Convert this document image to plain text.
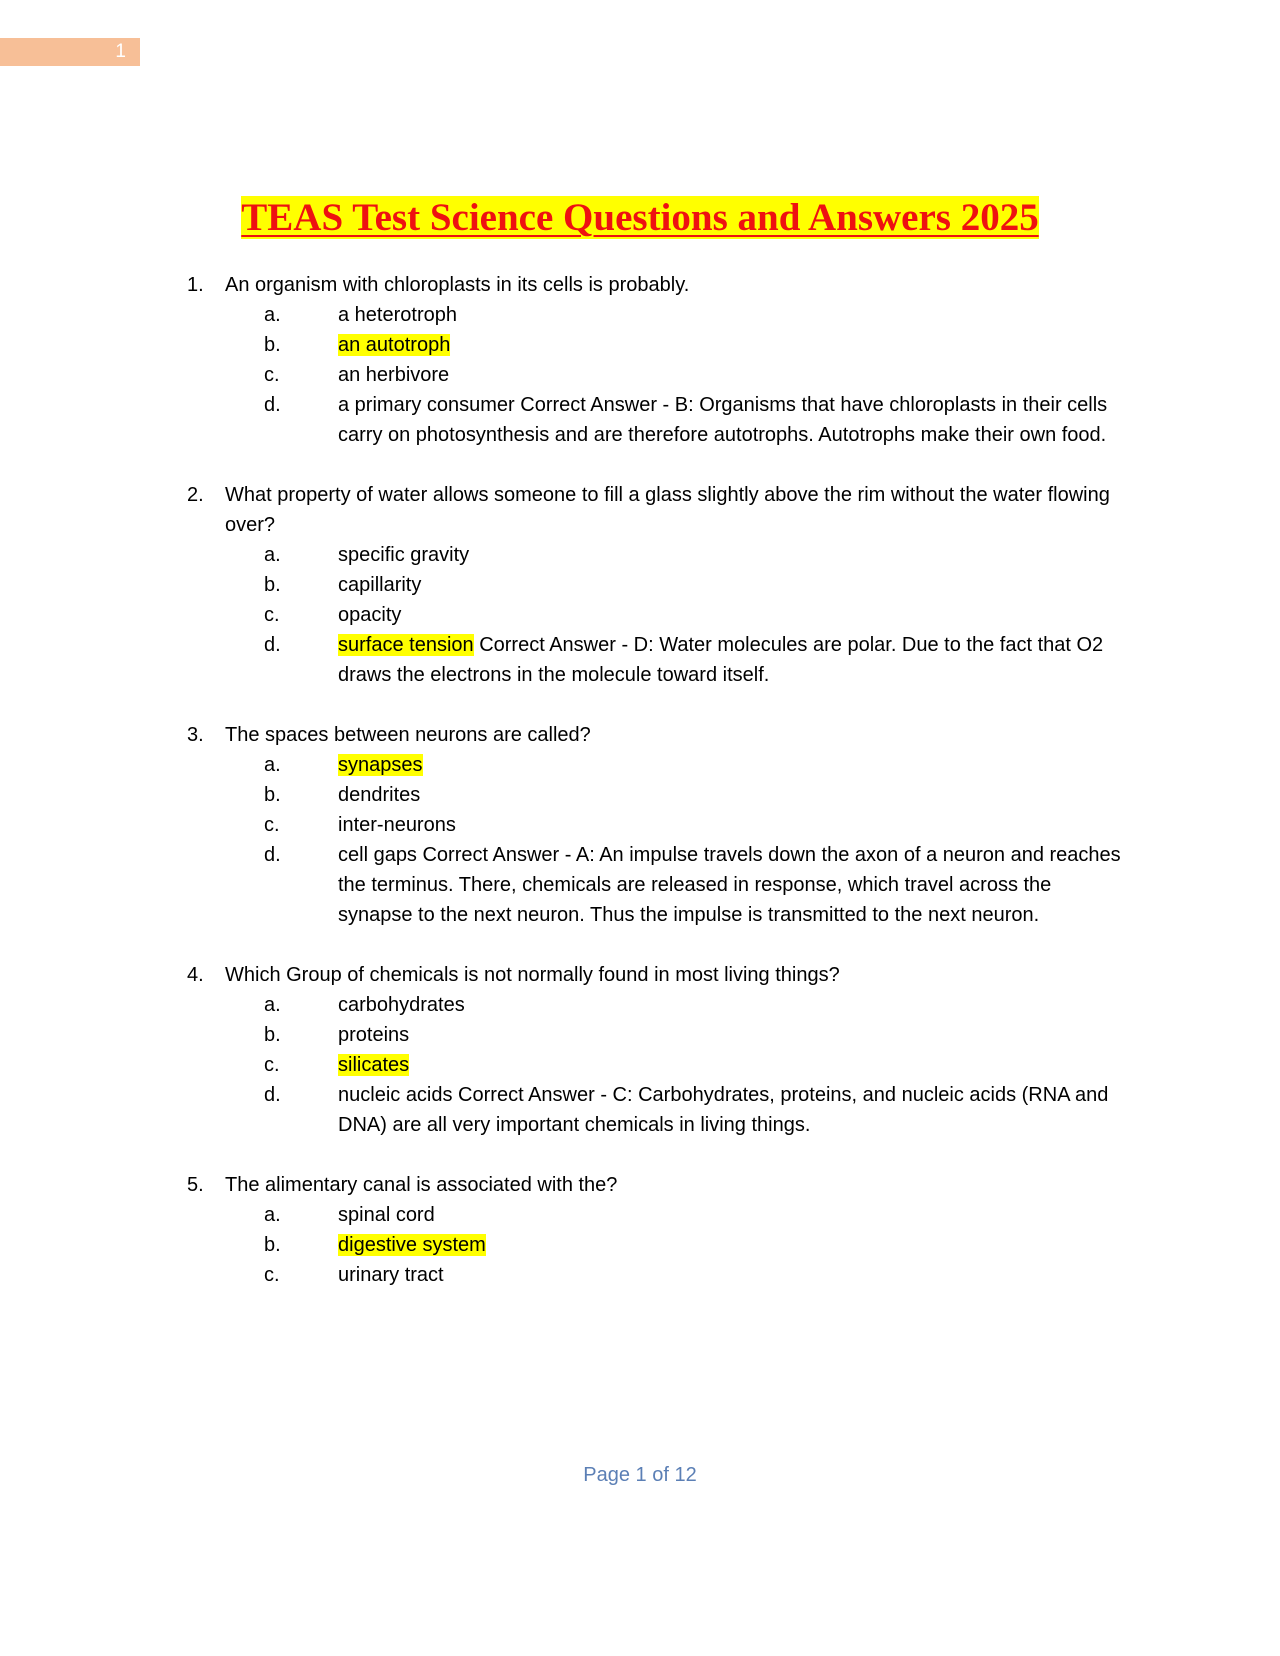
1
TEAS Test Science Questions and Answers 2025
1. An organism with chloroplasts in its cells is probably.
a.	a heterotroph
b.	an autotroph
c.	an herbivore
d.	a primary consumer Correct Answer - B: Organisms that have chloroplasts in their cells carry on photosynthesis and are therefore autotrophs. Autotrophs make their own food.
2. What property of water allows someone to fill a glass slightly above the rim without the water flowing over?
a.	specific gravity
b.	capillarity
c.	opacity
d.	surface tension Correct Answer - D: Water molecules are polar. Due to the fact that O2 draws the electrons in the molecule toward itself.
3. The spaces between neurons are called?
a.	synapses
b.	dendrites
c.	inter-neurons
d.	cell gaps Correct Answer - A: An impulse travels down the axon of a neuron and reaches the terminus. There, chemicals are released in response, which travel across the synapse to the next neuron. Thus the impulse is transmitted to the next neuron.
4. Which Group of chemicals is not normally found in most living things?
a.	carbohydrates
b.	proteins
c.	silicates
d.	nucleic acids Correct Answer - C: Carbohydrates, proteins, and nucleic acids (RNA and DNA) are all very important chemicals in living things.
5. The alimentary canal is associated with the?
a.	spinal cord
b.	digestive system
c.	urinary tract
Page 1 of 12
